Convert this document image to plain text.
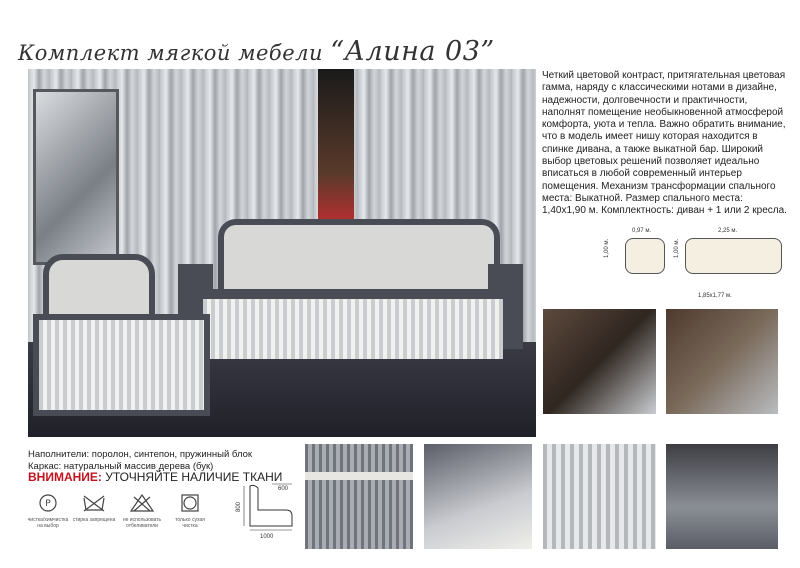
Комплект мягкой мебели “Алина 03”
Четкий цветовой контраст, притягательная цветовая гамма, наряду с классическими нотами в дизайне, надежности, долговечности и практичности, наполнят помещение необыкновенной атмосферой комфорта, уюта и тепла. Важно обратить внимание, что в модель имеет нишу которая находится в спинке дивана, а также выкатной бар. Широкий выбор цветовых решений позволяет идеально вписаться в любой современный интерьер помещения. Механизм трансформации спального места: Выкатной. Размер спального места: 1,40х1,90 м. Комплектность: диван + 1 или 2 кресла.
0,97 м.
1,00 м.
2,25 м.
1,00 м.
1,85х1,77 м.
Наполнители: поролон, синтепон, пружинный блок
Каркас: натуральный массив дерева (бук)
ВНИМАНИЕ: УТОЧНЯЙТЕ НАЛИЧИЕ ТКАНИ
P
чистка/химчистка на выбор
стирка запрещена	не использовать отбеливатели
только сухая чистка
800
1000
600
